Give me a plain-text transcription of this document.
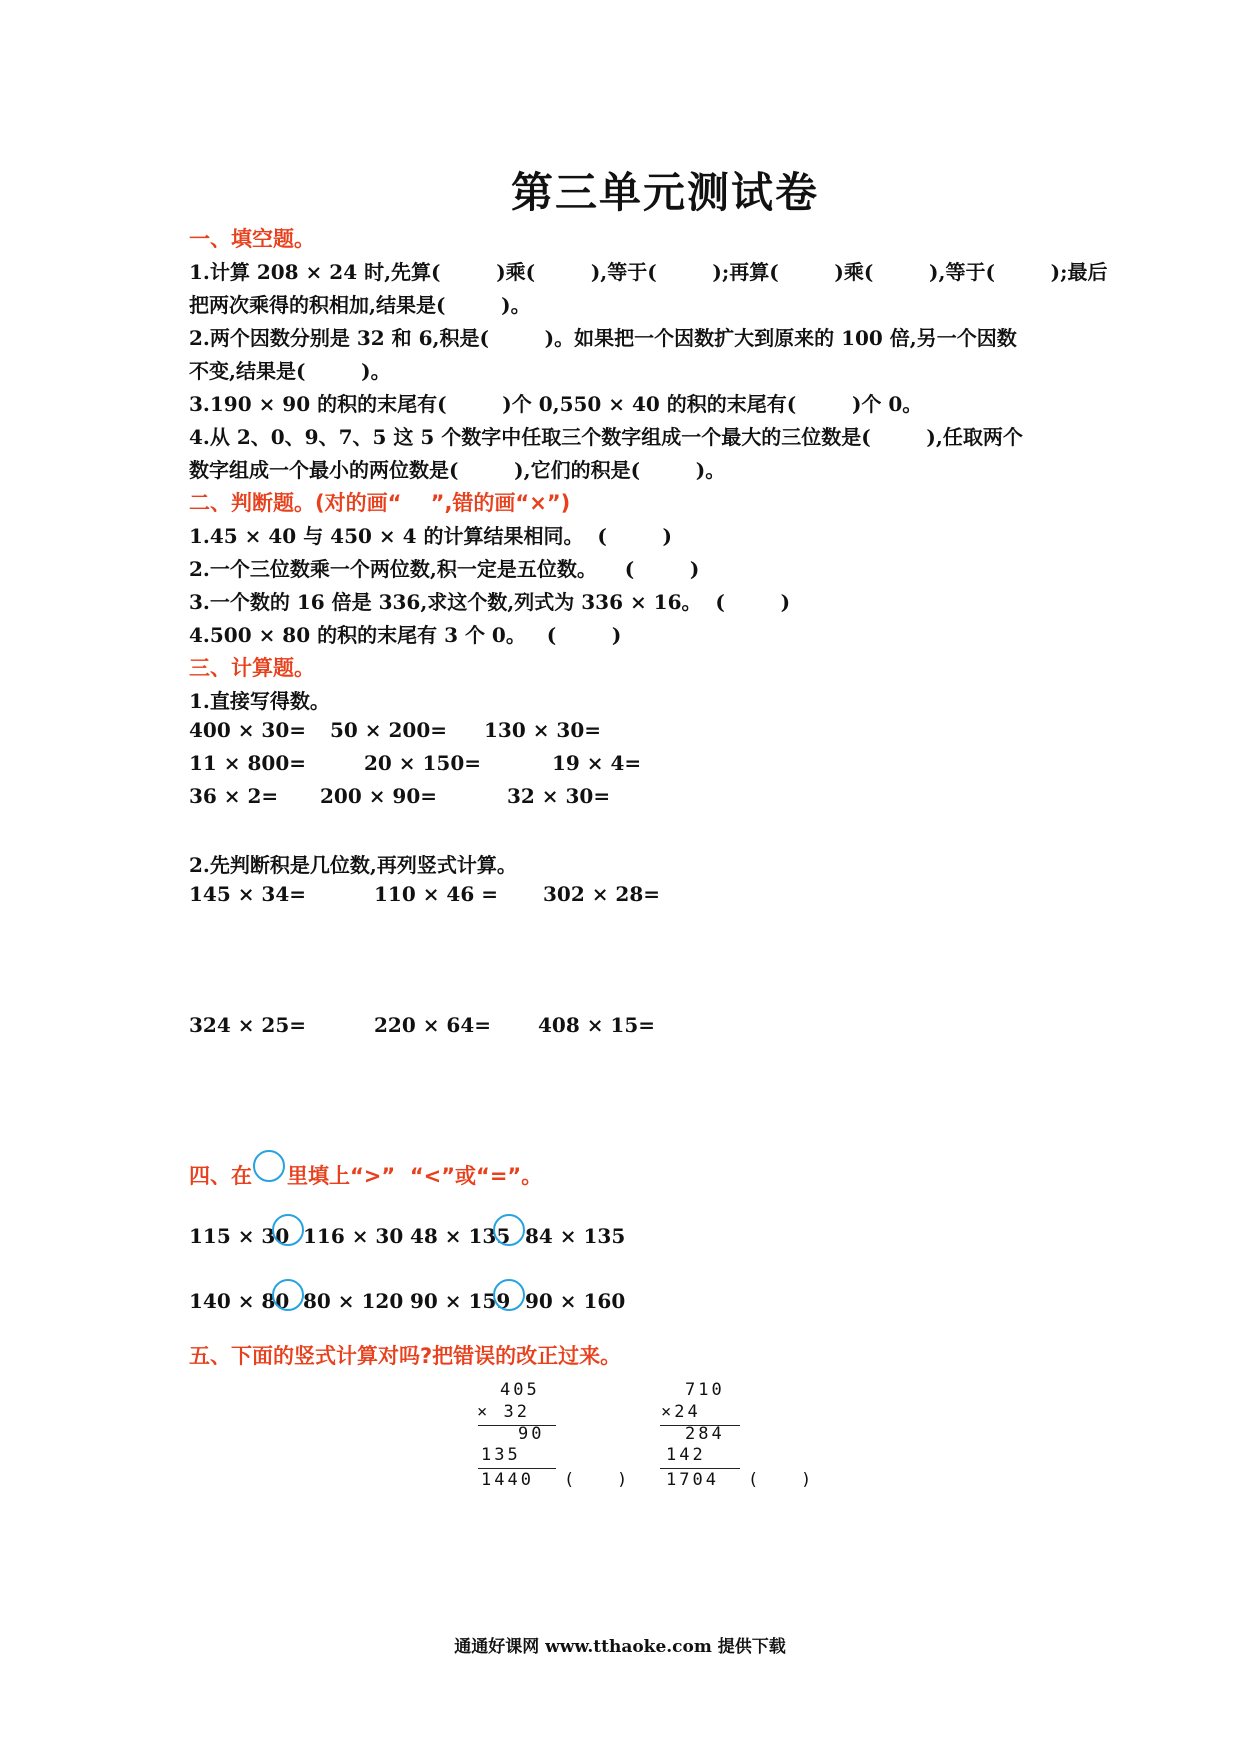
第三单元测试卷
一、填空题。
1.计算 208 × 24 时,先算(        )乘(        ),等于(        );再算(        )乘(        ),等于(        );最后
把两次乘得的积相加,结果是(        )。
2.两个因数分别是 32 和 6,积是(        )。如果把一个因数扩大到原来的 100 倍,另一个因数
不变,结果是(        )。
3.190 × 90 的积的末尾有(        )个 0,550 × 40 的积的末尾有(        )个 0。
4.从 2、0、9、7、5 这 5 个数字中任取三个数字组成一个最大的三位数是(        ),任取两个
数字组成一个最小的两位数是(        ),它们的积是(        )。
二、判断题。(对的画“    ”,错的画“×”)
1.45 × 40 与 450 × 4 的计算结果相同。  (        )
2.一个三位数乘一个两位数,积一定是五位数。    (        )
3.一个数的 16 倍是 336,求这个数,列式为 336 × 16。  (        )
4.500 × 80 的积的末尾有 3 个 0。   (        )
三、计算题。
1.直接写得数。
400 × 30= 50 × 200= 130 × 30=
11 × 800=	20 × 150=	19 × 4=
36 × 2= 200 × 90=	32 × 30=
2.先判断积是几位数,再列竖式计算。
145 × 34=	110 × 46 = 302 × 28=
324 × 25=	220 × 64= 408 × 15=
四、在 里填上“>”  “<”或“=”。
115 × 30 116 × 30 48 × 135 84 × 135
140 × 80 80 × 120 90 × 159 90 × 160
五、下面的竖式计算对吗?把错误的改正过来。
405
× 32
90
135
1440 (   )
710
×24
284
142
1704 (   )
通通好课网 www.tthaoke.com 提供下载
